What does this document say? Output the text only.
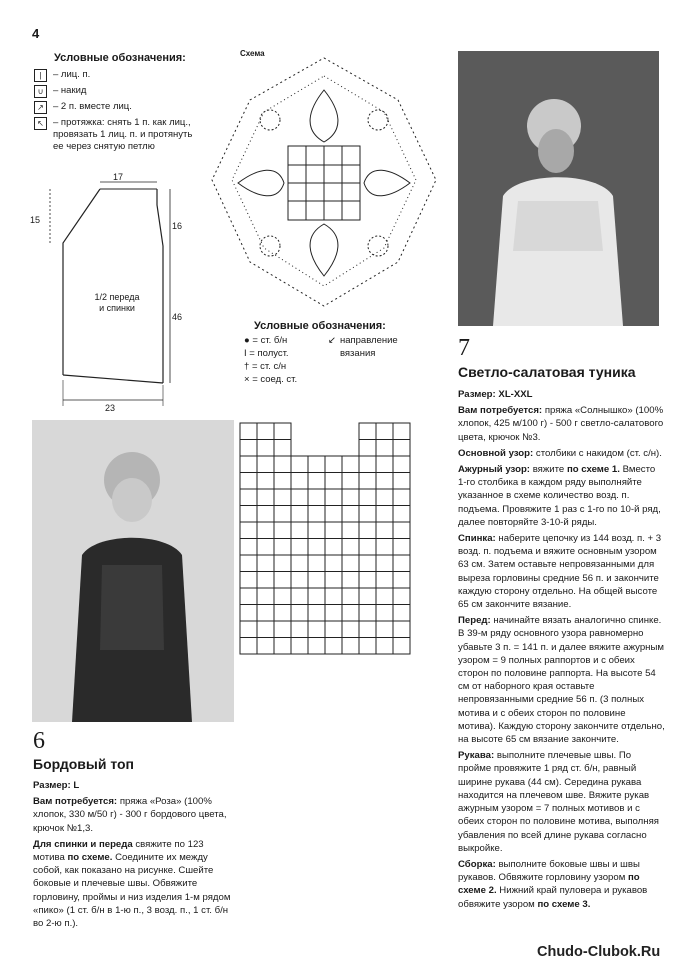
4
Условные обозначения:
|	– лиц. п.
∪	– накид
↗ – 2 п. вместе лиц.
↖ – протяжка: снять 1 п. как лиц., провязать 1 лиц. п. и протянуть ее через снятую петлю
17
15
16
46
23
1/2 переда и спинки
Схема
Условные обозначения:
● = ст. б/н
I = полуст.
† = ст. с/н
× = соед. ст.
↙ направление вязания	7
Светло-салатовая туника

Размер: XL-XXL

Вам потребуется: пряжа «Солнышко» (100% хлопок, 425 м/100 г) - 500 г светло-салатового цвета, крючок №3.

Основной узор: столбики с накидом (ст. с/н).

Ажурный узор: вяжите по схеме 1. Вместо 1-го столбика в каждом ряду выполняйте указанное в схеме количество возд. п. подъема. Провяжите 1 раз с 1-го по 10-й ряд, далее повторяйте 3-10-й ряды.

Спинка: наберите цепочку из 144 возд. п. + 3 возд. п. подъема и вяжите основным узором 63 см. Затем оставьте непровязанными для выреза горловины средние 56 п. и закончите каждую сторону отдельно. На общей высоте 65 см закончите вязание.

Перед: начинайте вязать аналогично спинке. В 39-м ряду основного узора равномерно убавьте 3 п. = 141 п. и далее вяжите ажурным узором = 9 полных раппортов и с обеих сторон по половине раппорта. На высоте 54 см от наборного края оставьте непровязанными средние 56 п. (3 полных мотива и с обеих сторон по половине мотива). Каждую сторону закончите отдельно, на высоте 65 см вязание закончите.

Рукава: выполните плечевые швы. По пройме провяжите 1 ряд ст. б/н, равный ширине рукава (44 см). Середина рукава находится на плечевом шве. Вяжите рукав ажурным узором = 7 полных мотивов и с обеих сторон по половине мотива, выполняя убавления по всей длине рукава согласно выкройке.

Сборка: выполните боковые швы и швы рукавов. Обвяжите горловину узором по схеме 2. Нижний край пуловера и рукавов обвяжите узором по схеме 3.

6
Бордовый топ

Размер: L

Вам потребуется: пряжа «Роза» (100% хлопок, 330 м/50 г) - 300 г бордового цвета, крючок №1,3.

Для спинки и переда свяжите по 123 мотива по схеме. Соедините их между собой, как показано на рисунке. Сшейте боковые и плечевые швы. Обвяжите горловину, проймы и низ изделия 1-м рядом «пико» (1 ст. б/н в 1-ю п., 3 возд. п., 1 ст. б/н во 2-ю п.).

Chudo-Clubok.Ru
